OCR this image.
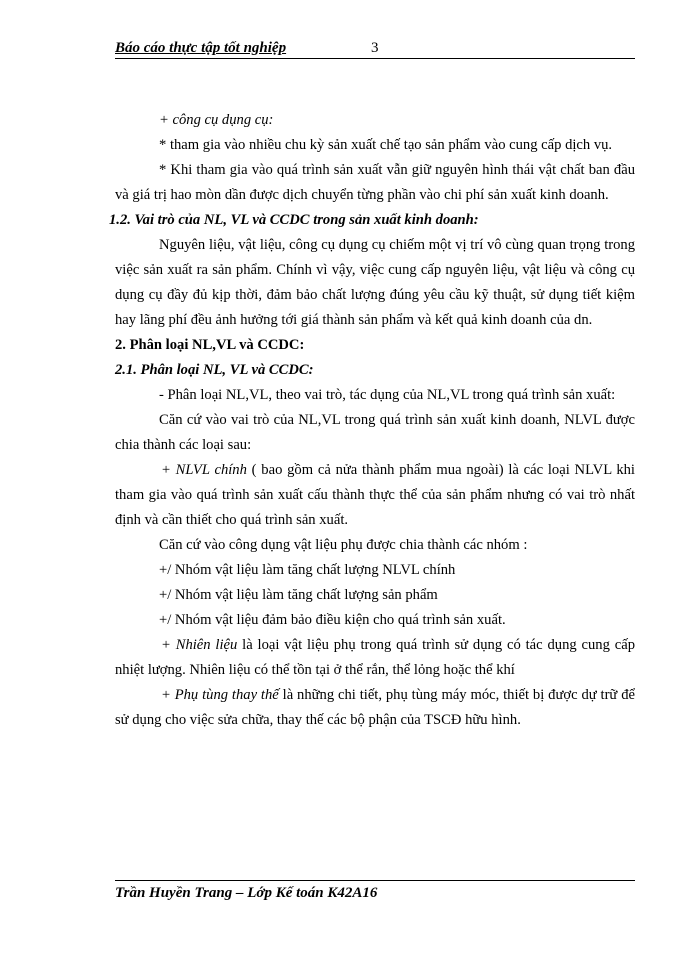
Báo cáo thực tập tốt nghiệp	3

+ công cụ dụng cụ:

* tham gia vào nhiều chu kỳ sản xuất chế tạo sản phẩm vào cung cấp dịch vụ.

* Khi tham gia vào quá trình sản xuất vẫn giữ nguyên hình thái vật chất ban đầu và giá trị hao mòn dần được dịch chuyển từng phần vào chi phí sản xuất kinh doanh.

1.2. Vai trò của NL, VL và CCDC trong sản xuất kinh doanh:

Nguyên liệu, vật liệu, công cụ dụng cụ chiếm một vị trí vô cùng quan trọng trong việc sản xuất ra sản phẩm. Chính vì vậy, việc cung cấp nguyên liệu, vật liệu và công cụ dụng cụ đầy đủ kịp thời, đảm bảo chất lượng đúng yêu cầu kỹ thuật, sử dụng tiết kiệm hay lãng phí đều ảnh hưởng tới giá thành sản phẩm và kết quả kinh doanh của dn.

2. Phân loại NL,VL và CCDC:

2.1. Phân loại NL, VL và CCDC:

- Phân loại NL,VL, theo vai trò, tác dụng của NL,VL trong quá trình sản xuất:

Căn cứ vào vai trò của NL,VL trong quá trình sản xuất kinh doanh, NLVL được chia thành các loại sau:

+ NLVL chính ( bao gồm cả nửa thành phẩm mua ngoài) là các loại NLVL khi tham gia vào quá trình sản xuất cấu thành thực thể của sản phẩm nhưng có vai trò nhất định và cần thiết cho quá trình sản xuất.

Căn cứ vào công dụng vật liệu phụ được chia thành các nhóm :

+/ Nhóm vật liệu làm tăng chất lượng NLVL chính

+/ Nhóm vật liệu làm tăng chất lượng sản phẩm

+/ Nhóm vật liệu đảm bảo điều kiện cho quá trình sản xuất.

+ Nhiên liệu là loại vật liệu phụ trong quá trình sử dụng có tác dụng cung cấp nhiệt lượng. Nhiên liệu có thể tồn tại ở thể rắn, thể lỏng hoặc thể khí

+ Phụ tùng thay thế là những chi tiết, phụ tùng máy móc, thiết bị được dự trữ để sử dụng cho việc sửa chữa, thay thế các bộ phận của TSCĐ hữu hình.

Trần Huyền Trang – Lớp Kế toán K42A16
